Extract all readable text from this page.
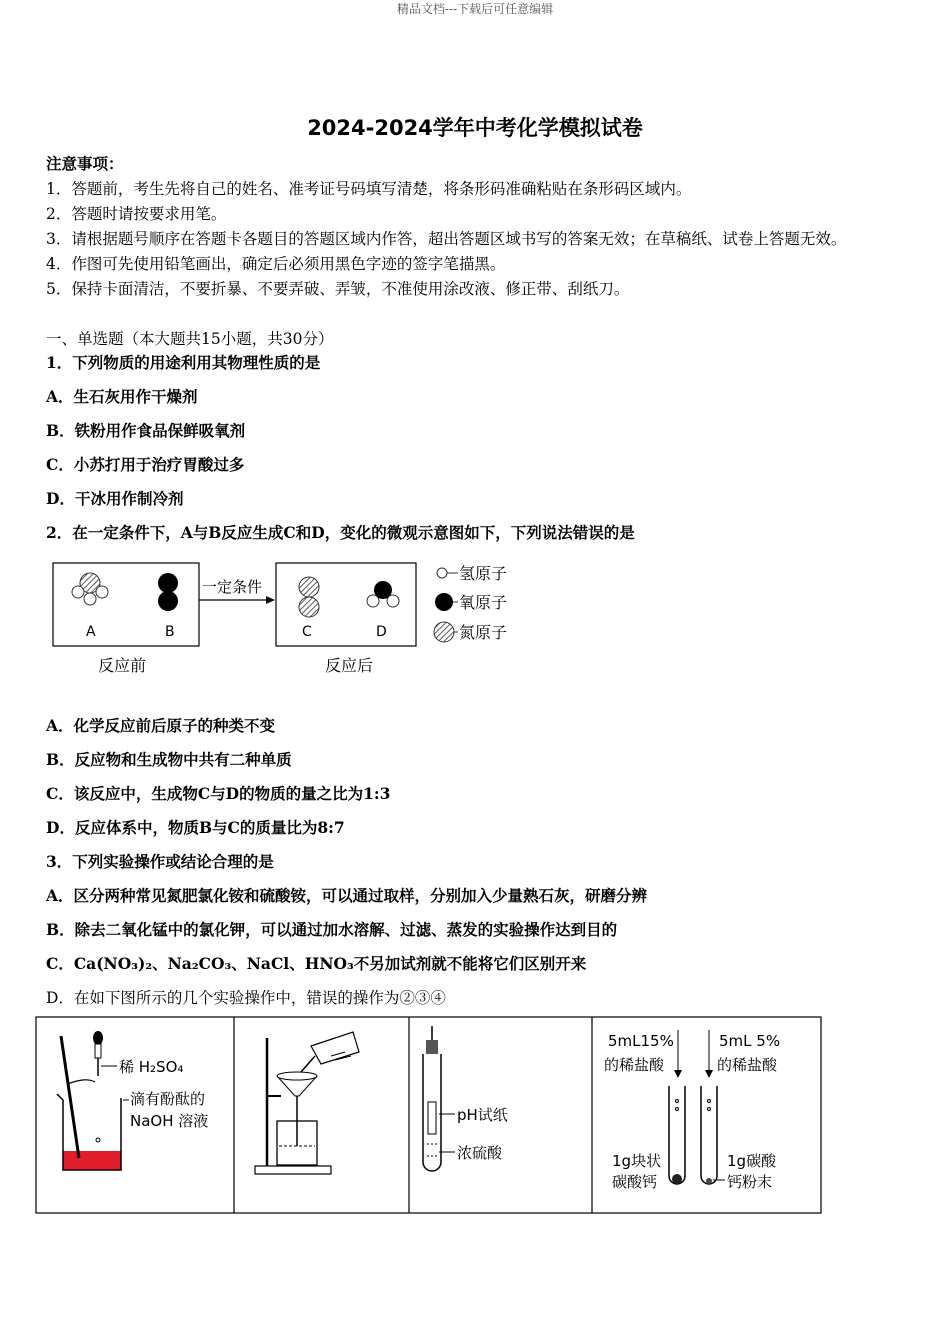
精品文档---下载后可任意编辑
2024-2024学年中考化学模拟试卷
注意事项：
1．答题前，考生先将自己的姓名、准考证号码填写清楚，将条形码准确粘贴在条形码区域内。
2．答题时请按要求用笔。
3．请根据题号顺序在答题卡各题目的答题区域内作答，超出答题区域书写的答案无效；在草稿纸、试卷上答题无效。
4．作图可先使用铅笔画出，确定后必须用黑色字迹的签字笔描黑。
5．保持卡面清洁，不要折暴、不要弄破、弄皱，不准使用涂改液、修正带、刮纸刀。
一、单选题（本大题共15小题，共30分）
1．下列物质的用途利用其物理性质的是
A．生石灰用作干燥剂
B．铁粉用作食品保鲜吸氧剂
C．小苏打用于治疗胃酸过多
D．干冰用作制冷剂
2．在一定条件下，A与B反应生成C和D，变化的微观示意图如下，下列说法错误的是
A	B
一定条件
C	D
反应前	反应后
氢原子
氧原子
氮原子
A．化学反应前后原子的种类不变
B．反应物和生成物中共有二种单质
C．该反应中，生成物C与D的物质的量之比为1:3
D．反应体系中，物质B与C的质量比为8:7
3．下列实验操作或结论合理的是
A．区分两种常见氮肥氯化铵和硫酸铵，可以通过取样，分别加入少量熟石灰，研磨分辨
B．除去二氧化锰中的氯化钾，可以通过加水溶解、过滤、蒸发的实验操作达到目的
C．Ca(NO₃)₂、Na₂CO₃、NaCl、HNO₃不另加试剂就不能将它们区别开来
D．在如下图所示的几个实验操作中，错误的操作为②③④
稀 H₂SO₄
滴有酚酞的
NaOH 溶液	pH试纸
浓硫酸
5mL15%
的稀盐酸
5mL 5%
的稀盐酸
1g块状
碳酸钙
1g碳酸
钙粉末
